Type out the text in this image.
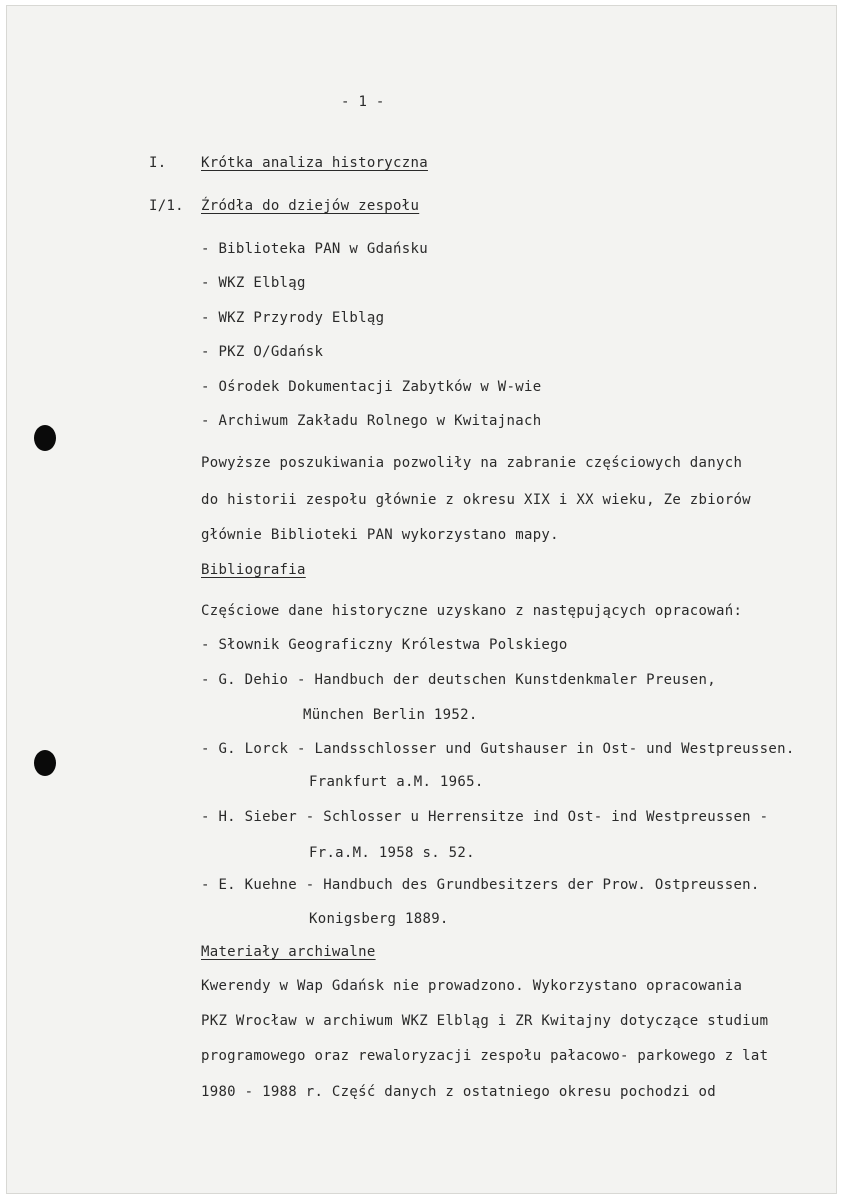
- 1 -
I. Krótka analiza historyczna
I/1. Źródła do dziejów zespołu
- Biblioteka PAN w Gdańsku
- WKZ Elbląg
- WKZ Przyrody Elbląg
- PKZ O/Gdańsk
- Ośrodek Dokumentacji Zabytków w W-wie
- Archiwum Zakładu Rolnego w Kwitajnach
Powyższe poszukiwania pozwoliły na zabranie częściowych danych
do historii zespołu głównie z okresu XIX i XX wieku, Ze zbiorów
głównie Biblioteki PAN wykorzystano mapy.
Bibliografia
Częściowe dane historyczne uzyskano z następujących opracowań:
- Słownik Geograficzny Królestwa Polskiego
- G. Dehio - Handbuch der deutschen Kunstdenkmaler Preusen,
München Berlin 1952.
- G. Lorck - Landsschlosser und Gutshauser in Ost- und Westpreussen.
Frankfurt a.M. 1965.
- H. Sieber - Schlosser u Herrensitze ind Ost- ind Westpreussen -
Fr.a.M. 1958 s. 52.
- E. Kuehne - Handbuch des Grundbesitzers der Prow. Ostpreussen.
Konigsberg 1889.
Materiały archiwalne
Kwerendy w Wap Gdańsk nie prowadzono. Wykorzystano opracowania
PKZ Wrocław w archiwum WKZ Elbląg i ZR Kwitajny dotyczące studium
programowego oraz rewaloryzacji zespołu pałacowo- parkowego z lat
1980 - 1988 r. Część danych z ostatniego okresu pochodzi od
